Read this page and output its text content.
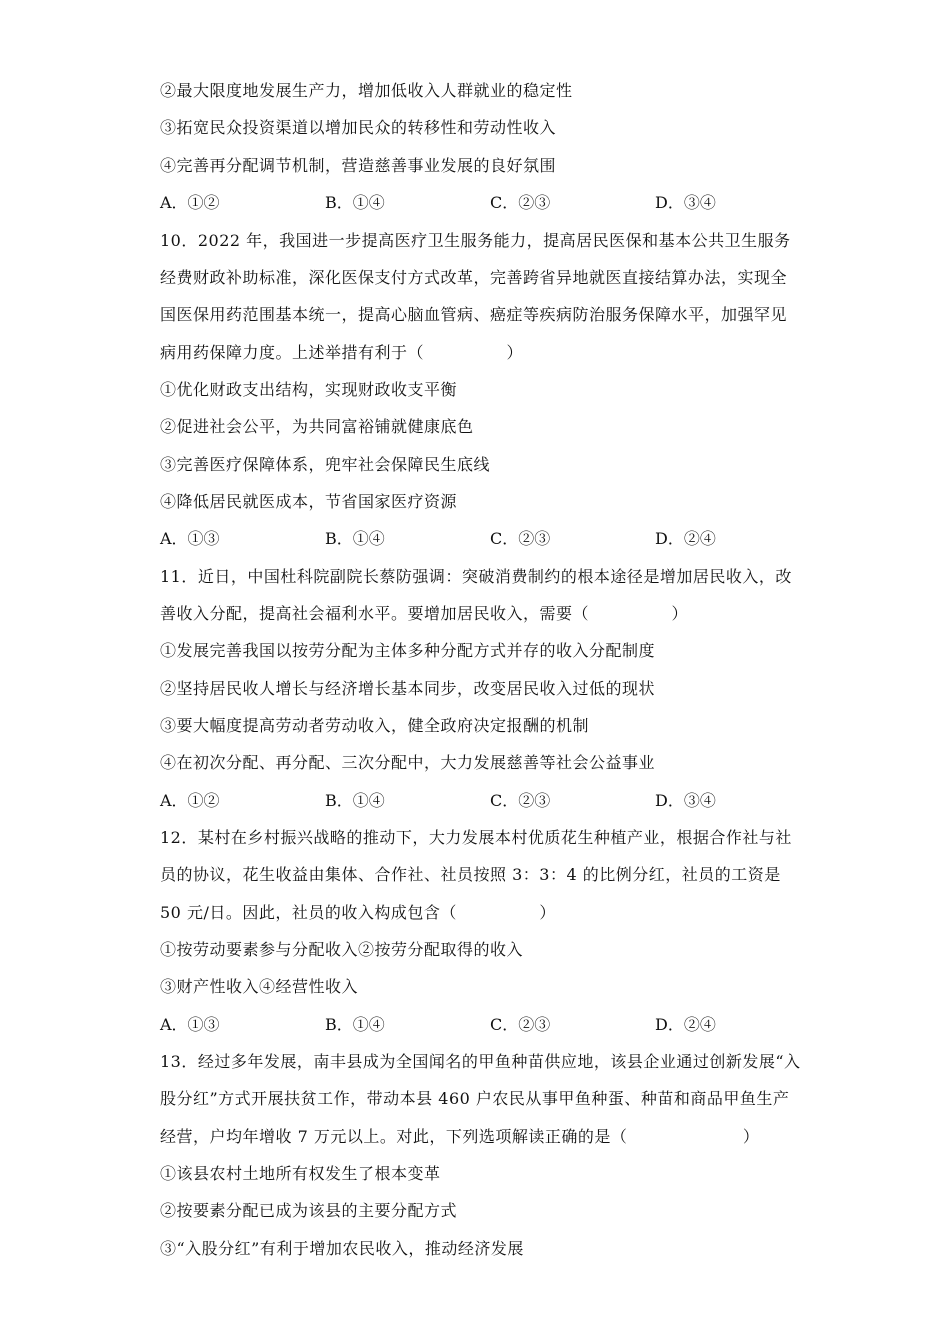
②最大限度地发展生产力，增加低收入人群就业的稳定性
③拓宽民众投资渠道以增加民众的转移性和劳动性收入
④完善再分配调节机制，营造慈善事业发展的良好氛围
A．①②	B．①④	C．②③	D．③④
10．2022 年，我国进一步提高医疗卫生服务能力，提高居民医保和基本公共卫生服务
经费财政补助标准，深化医保支付方式改革，完善跨省异地就医直接结算办法，实现全
国医保用药范围基本统一，提高心脑血管病、癌症等疾病防治服务保障水平，加强罕见
病用药保障力度。上述举措有利于（　　　　　）
①优化财政支出结构，实现财政收支平衡
②促进社会公平，为共同富裕铺就健康底色
③完善医疗保障体系，兜牢社会保障民生底线
④降低居民就医成本，节省国家医疗资源
A．①③	B．①④	C．②③	D．②④
11．近日，中国杜科院副院长蔡防强调：突破消费制约的根本途径是增加居民收入，改
善收入分配，提高社会福利水平。要增加居民收入，需要（　　　　　）
①发展完善我国以按劳分配为主体多种分配方式并存的收入分配制度
②坚持居民收人增长与经济增长基本同步，改变居民收入过低的现状
③要大幅度提高劳动者劳动收入，健全政府决定报酬的机制
④在初次分配、再分配、三次分配中，大力发展慈善等社会公益事业
A．①②	B．①④	C．②③	D．③④
12．某村在乡村振兴战略的推动下，大力发展本村优质花生种植产业，根据合作社与社
员的协议，花生收益由集体、合作社、社员按照 3：3：4 的比例分红，社员的工资是
50 元/日。因此，社员的收入构成包含（　　　　　）
①按劳动要素参与分配收入②按劳分配取得的收入
③财产性收入④经营性收入
A．①③	B．①④	C．②③	D．②④
13．经过多年发展，南丰县成为全国闻名的甲鱼种苗供应地，该县企业通过创新发展“入
股分红”方式开展扶贫工作，带动本县 460 户农民从事甲鱼种蛋、种苗和商品甲鱼生产
经营，户均年增收 7 万元以上。对此，下列选项解读正确的是（　　　　　　　）
①该县农村土地所有权发生了根本变革
②按要素分配已成为该县的主要分配方式
③“入股分红”有利于增加农民收入，推动经济发展
